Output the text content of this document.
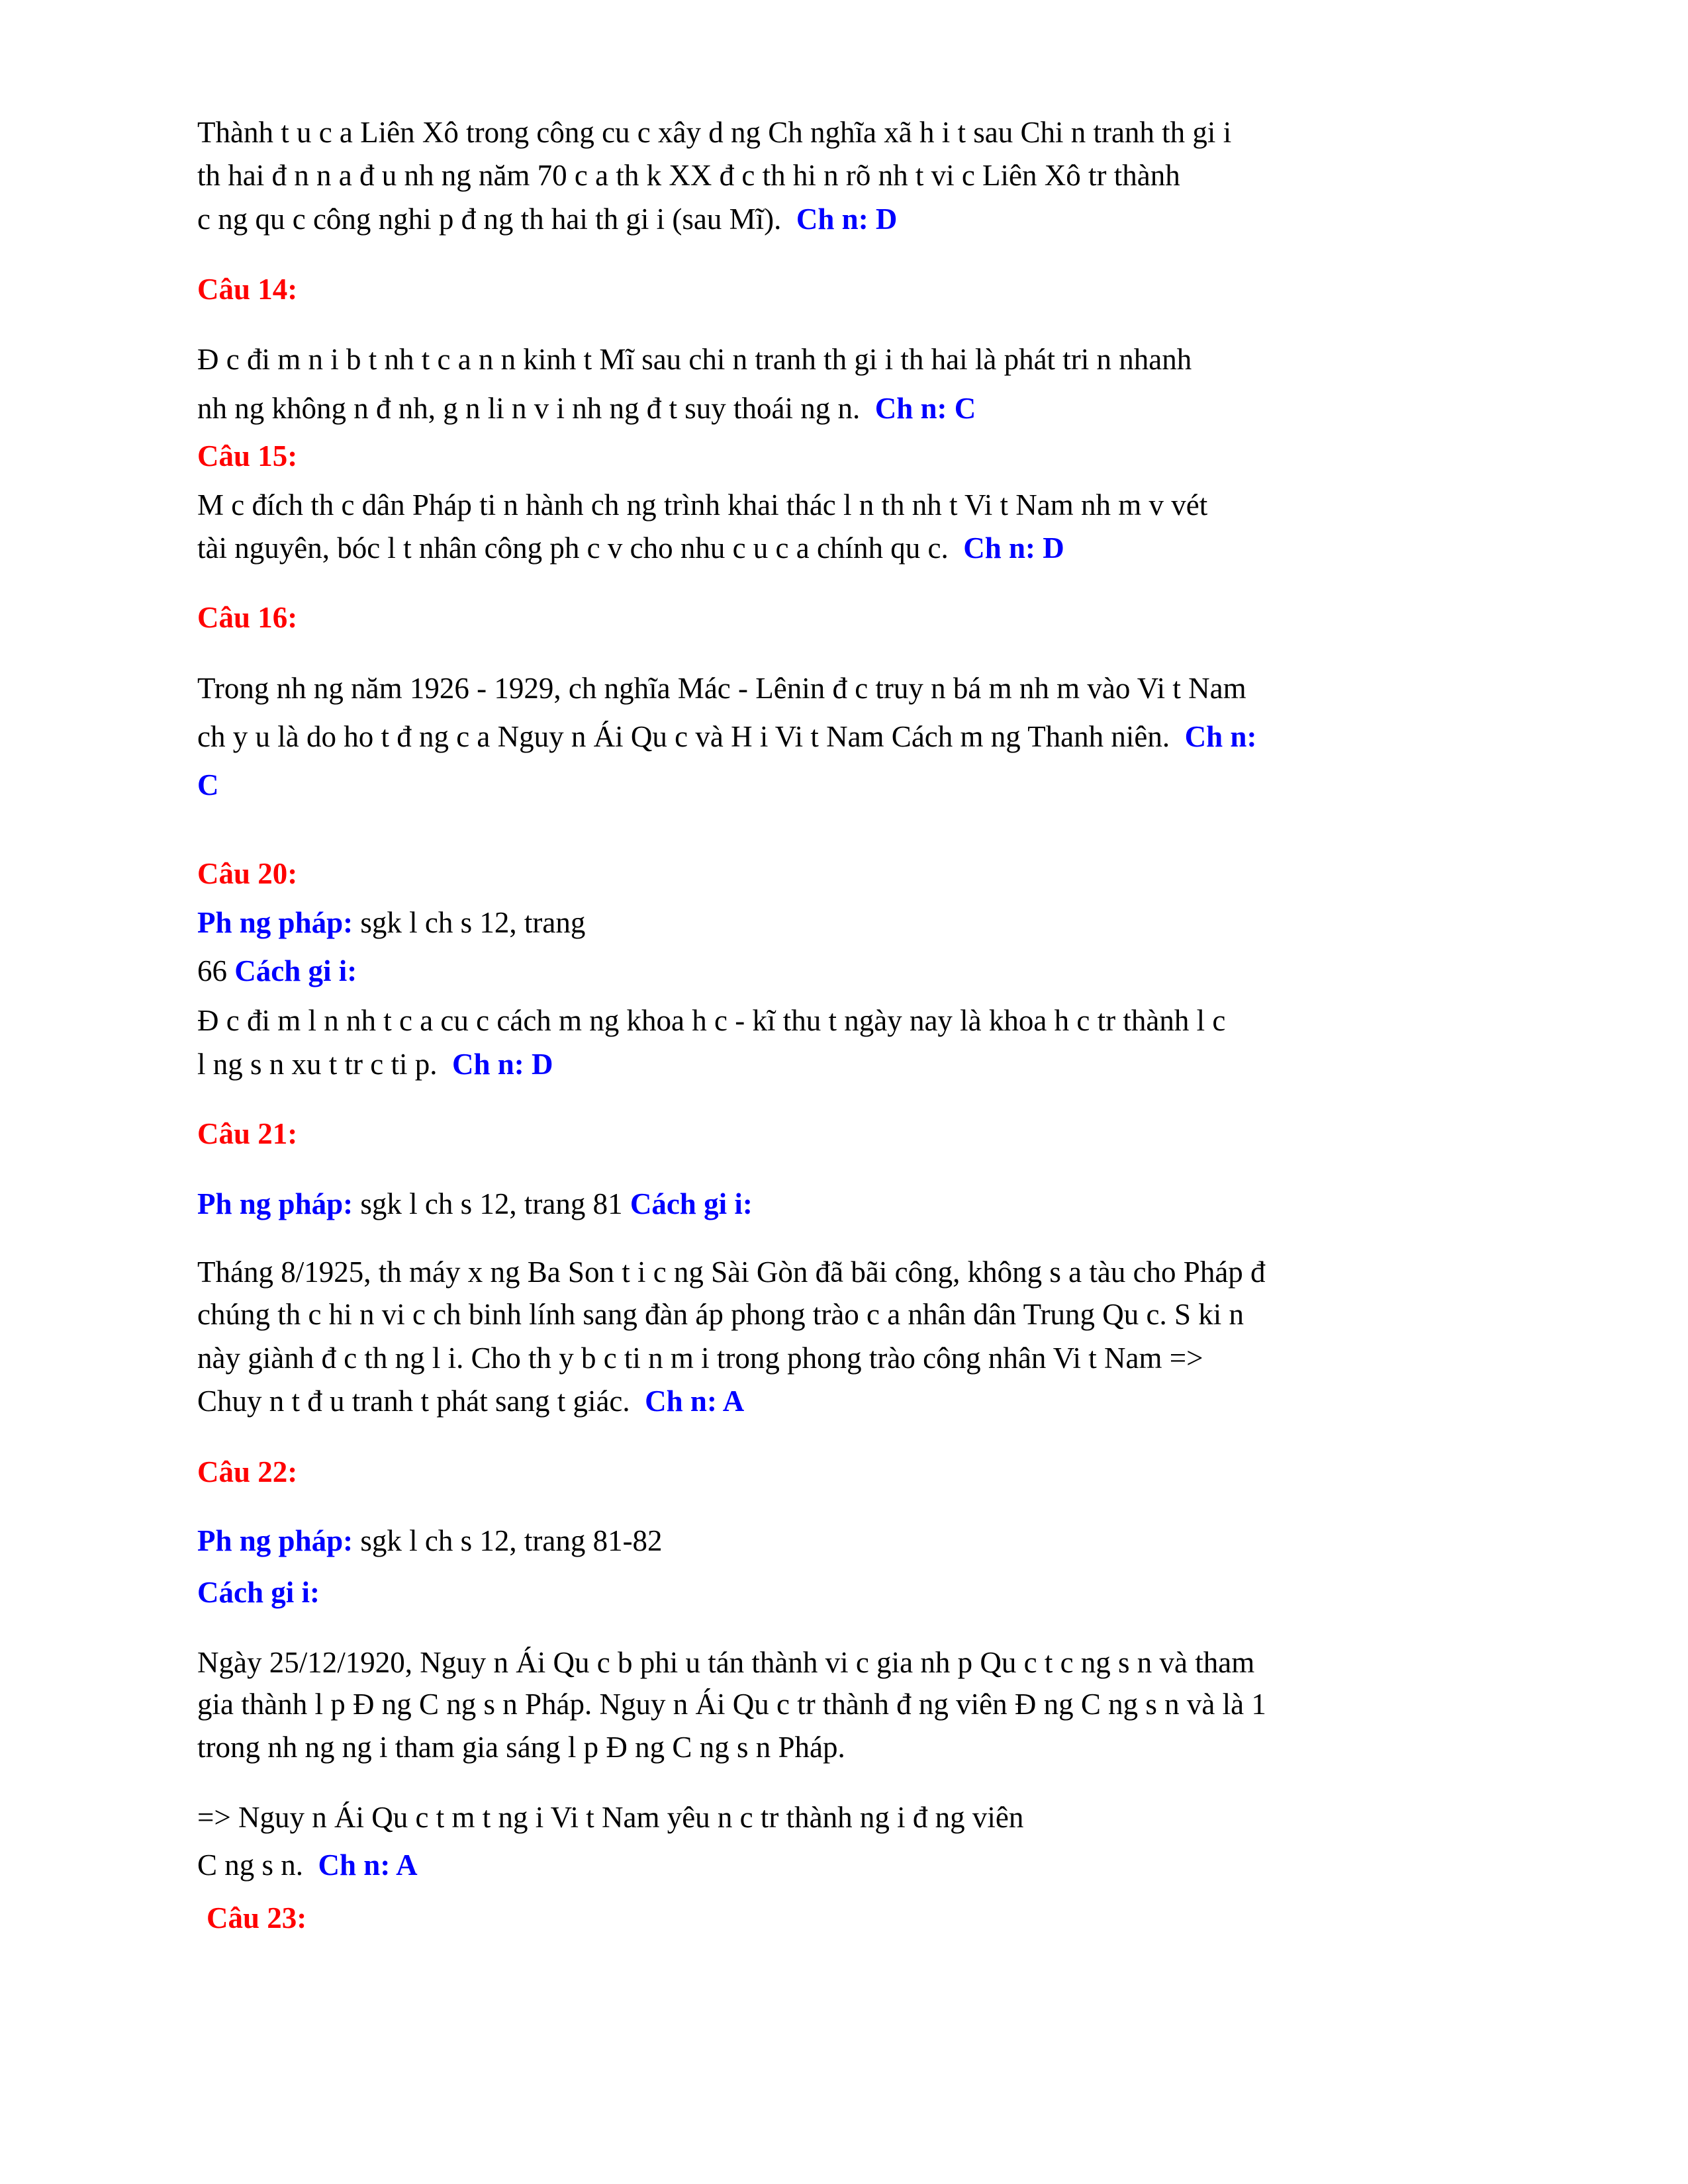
Thành t u c a Liên Xô trong công cu c xây d ng Ch nghĩa xã h i t sau Chi n tranh th gi i
th hai đ n n a đ u nh ng năm 70 c a th k XX đ c th hi n rõ nh t vi c Liên Xô tr thành
c ng qu c công nghi p đ ng th hai th gi i (sau Mĩ). Ch n: D
Câu 14:
Đ c đi m n i b t nh t c a n n kinh t Mĩ sau chi n tranh th gi i th hai là phát tri n nhanh
nh ng không n đ nh, g n li n v i nh ng đ t suy thoái ng n. Ch n: C
Câu 15:
M c đích th c dân Pháp ti n hành ch ng trình khai thác l n th nh t Vi t Nam nh m v vét
tài nguyên, bóc l t nhân công ph c v cho nhu c u c a chính qu c. Ch n: D
Câu 16:
Trong nh ng năm 1926 - 1929, ch nghĩa Mác - Lênin đ c truy n bá m nh m vào Vi t Nam
ch y u là do ho t đ ng c a Nguy n Ái Qu c và H i Vi t Nam Cách m ng Thanh niên. Ch n:
C
Câu 20:
Ph ng pháp: sgk l ch s 12, trang
66 Cách gi i:
Đ c đi m l n nh t c a cu c cách m ng khoa h c - kĩ thu t ngày nay là khoa h c tr thành l c
l ng s n xu t tr c ti p. Ch n: D
Câu 21:
Ph ng pháp: sgk l ch s 12, trang 81 Cách gi i:
Tháng 8/1925, th máy x ng Ba Son t i c ng Sài Gòn đã bãi công, không s a tàu cho Pháp đ
chúng th c hi n vi c ch binh lính sang đàn áp phong trào c a nhân dân Trung Qu c. S ki n
này giành đ c th ng l i. Cho th y b c ti n m i trong phong trào công nhân Vi t Nam =>
Chuy n t đ u tranh t phát sang t giác. Ch n: A
Câu 22:
Ph ng pháp: sgk l ch s 12, trang 81-82
Cách gi i:
Ngày 25/12/1920, Nguy n Ái Qu c b phi u tán thành vi c gia nh p Qu c t c ng s n và tham
gia thành l p Đ ng C ng s n Pháp. Nguy n Ái Qu c tr thành đ ng viên Đ ng C ng s n và là 1
trong nh ng ng i tham gia sáng l p Đ ng C ng s n Pháp.
=> Nguy n Ái Qu c t m t ng i Vi t Nam yêu n c tr thành ng i đ ng viên
C ng s n. Ch n: A
Câu 23:
